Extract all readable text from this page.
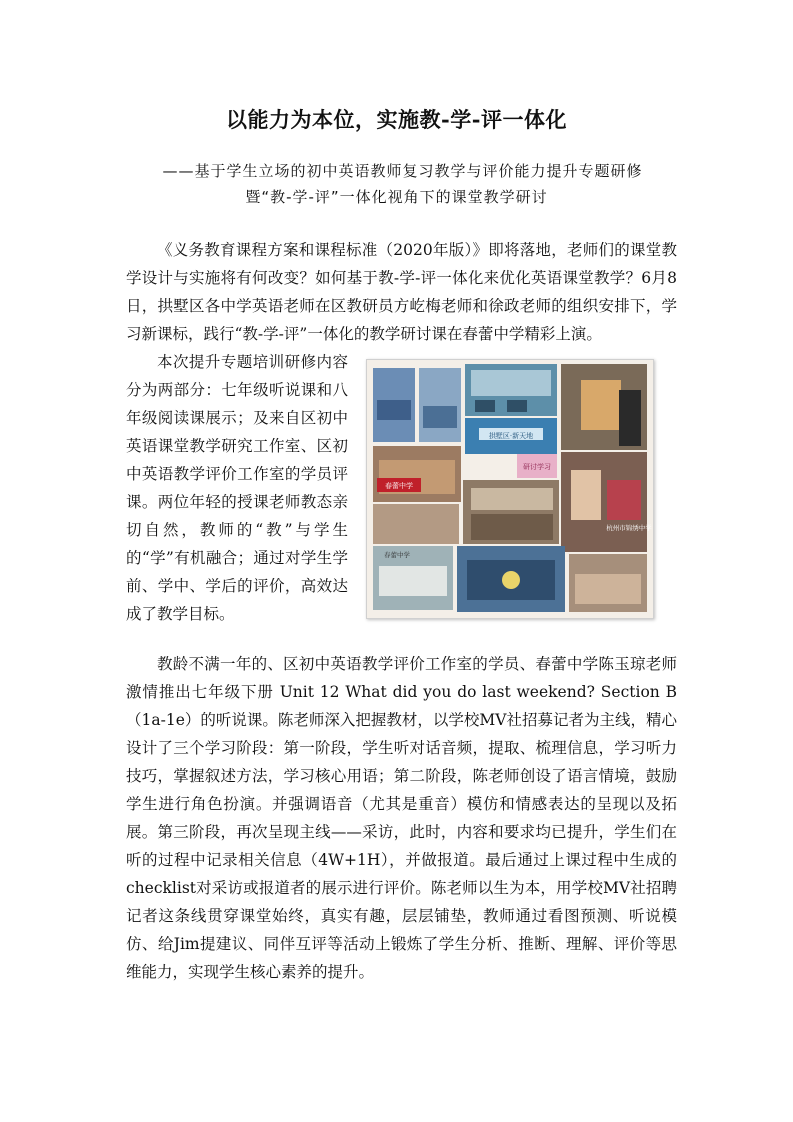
以能力为本位，实施教-学-评一体化
——基于学生立场的初中英语教师复习教学与评价能力提升专题研修
暨“教-学-评”一体化视角下的课堂教学研讨

《义务教育课程方案和课程标准（2020年版）》即将落地，老师们的课堂教学设计与实施将有何改变？如何基于教-学-评一体化来优化英语课堂教学？6月8日，拱墅区各中学英语老师在区教研员方屹梅老师和徐政老师的组织安排下，学习新课标，践行“教-学-评”一体化的教学研讨课在春蕾中学精彩上演。

本次提升专题培训研修内容分为两部分：七年级听说课和八年级阅读课展示；及来自区初中英语课堂教学研究工作室、区初中英语教学评价工作室的学员评课。两位年轻的授课老师教态亲切自然，教师的“教”与学生的“学”有机融合；通过对学生学前、学中、学后的评价，高效达成了教学目标。

拱墅区·新天地
研讨学习
春蕾中学
杭州市锦绣中学
春蕾中学

教龄不满一年的、区初中英语教学评价工作室的学员、春蕾中学陈玉琼老师激情推出七年级下册 Unit 12 What did you do last weekend? Section B（1a-1e）的听说课。陈老师深入把握教材，以学校MV社招募记者为主线，精心设计了三个学习阶段：第一阶段，学生听对话音频，提取、梳理信息，学习听力技巧，掌握叙述方法，学习核心用语；第二阶段，陈老师创设了语言情境，鼓励学生进行角色扮演。并强调语音（尤其是重音）模仿和情感表达的呈现以及拓展。第三阶段，再次呈现主线——采访，此时，内容和要求均已提升，学生们在听的过程中记录相关信息（4W+1H），并做报道。最后通过上课过程中生成的checklist对采访或报道者的展示进行评价。陈老师以生为本，用学校MV社招聘记者这条线贯穿课堂始终，真实有趣，层层铺垫，教师通过看图预测、听说模仿、给Jim提建议、同伴互评等活动上锻炼了学生分析、推断、理解、评价等思维能力，实现学生核心素养的提升。
